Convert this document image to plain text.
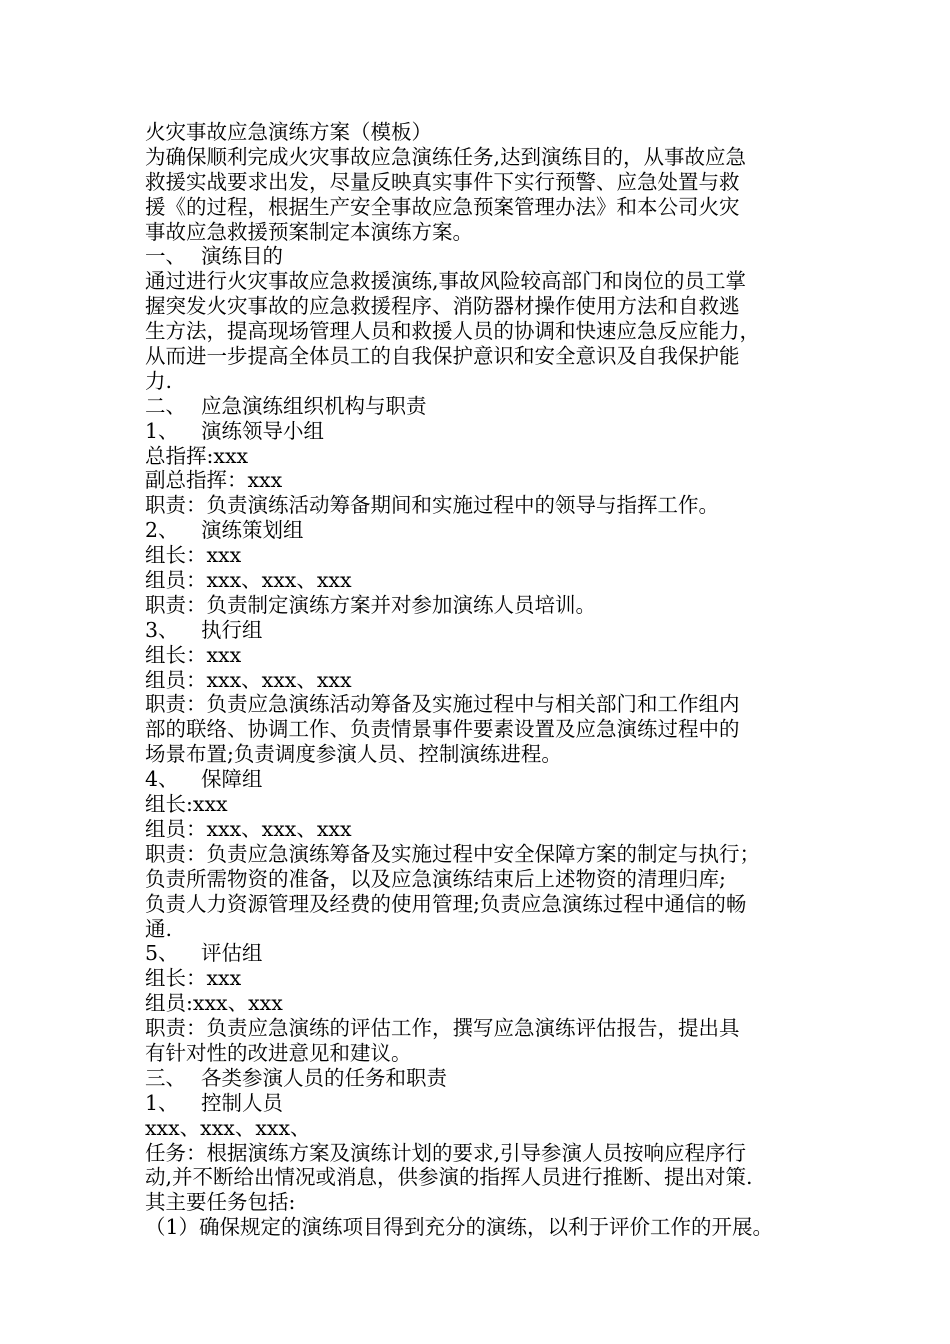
火灾事故应急演练方案（模板）
为确保顺利完成火灾事故应急演练任务,达到演练目的，从事故应急
救援实战要求出发，尽量反映真实事件下实行预警、应急处置与救
援《的过程，根据生产安全事故应急预案管理办法》和本公司火灾
事故应急救援预案制定本演练方案。
一、 演练目的
通过进行火灾事故应急救援演练,事故风险较高部门和岗位的员工掌
握突发火灾事故的应急救援程序、消防器材操作使用方法和自救逃
生方法，提高现场管理人员和救援人员的协调和快速应急反应能力，
从而进一步提高全体员工的自我保护意识和安全意识及自我保护能
力.
二、 应急演练组织机构与职责
1、 演练领导小组
总指挥:xxx
副总指挥：xxx
职责：负责演练活动筹备期间和实施过程中的领导与指挥工作。
2、 演练策划组
组长：xxx
组员：xxx、xxx、xxx
职责：负责制定演练方案并对参加演练人员培训。
3、 执行组
组长：xxx
组员：xxx、xxx、xxx
职责：负责应急演练活动筹备及实施过程中与相关部门和工作组内
部的联络、协调工作、负责情景事件要素设置及应急演练过程中的
场景布置;负责调度参演人员、控制演练进程。
4、 保障组
组长:xxx
组员：xxx、xxx、xxx
职责：负责应急演练筹备及实施过程中安全保障方案的制定与执行；
负责所需物资的准备，以及应急演练结束后上述物资的清理归库;
负责人力资源管理及经费的使用管理;负责应急演练过程中通信的畅
通.
5、 评估组
组长：xxx
组员:xxx、xxx
职责：负责应急演练的评估工作，撰写应急演练评估报告，提出具
有针对性的改进意见和建议。
三、 各类参演人员的任务和职责
1、 控制人员
xxx、xxx、xxx、
任务：根据演练方案及演练计划的要求,引导参演人员按响应程序行
动,并不断给出情况或消息，供参演的指挥人员进行推断、提出对策.
其主要任务包括:
（1）确保规定的演练项目得到充分的演练，以利于评价工作的开展。
